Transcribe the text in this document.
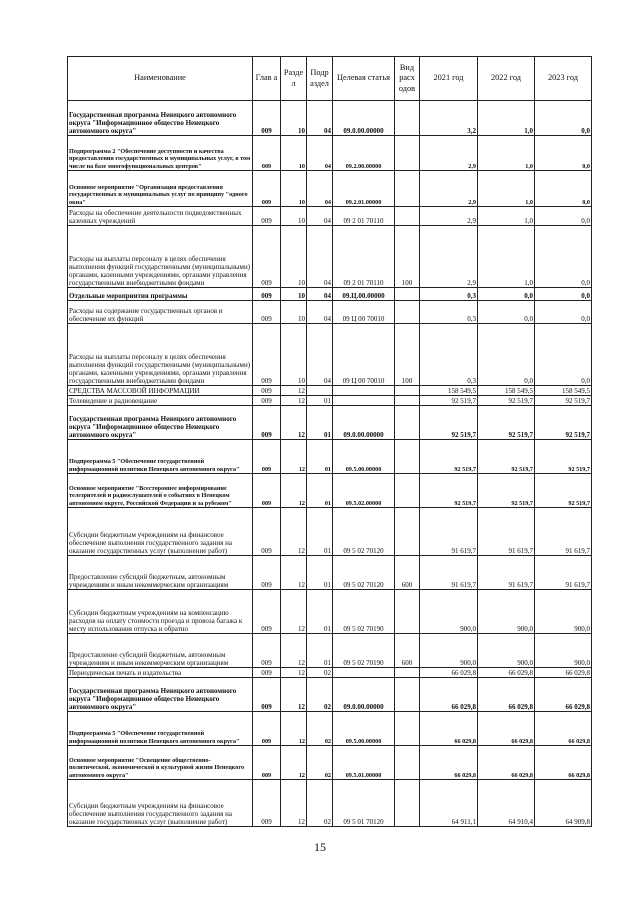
Наименование	Глав а	Разде л	Подр аздел	Целевая статья	Вид расх одов	2021 год	2022 год	2023 год
Государственная программа Ненецкого автономного округа "Информационное общество Ненецкого автономного округа"	009	10	04	09.0.00.00000		3,2	1,0	0,0
Подпрограмма 2 "Обеспечение доступности и качества предоставления государственных и муниципальных услуг, в том числе на базе многофункциональных центров"	009	10	04	09.2.00.00000		2,9	1,0	0,0
Основное мероприятие "Организация предоставления государственных и муниципальных услуг по принципу "одного окна"	009	10	04	09.2.01.00000		2,9	1,0	0,0
Расходы на обеспечение деятельности подведомственных казенных учреждений	009	10	04	09 2 01 70110		2,9	1,0	0,0
Расходы на выплаты персоналу в целях обеспечения выполнения функций государственными (муниципальными) органами, казенными учреждениями, органами управления государственными внебюджетными фондами	009	10	04	09 2 01 70110	100	2,9	1,0	0,0
Отдельные мероприятия программы	009	10	04	09.Ц.00.00000		0,3	0,0	0,0
Расходы на содержание государственных органов и обеспечение их функций	009	10	04	09 Ц 00 70010		0,3	0,0	0,0
Расходы на выплаты персоналу в целях обеспечения выполнения функций государственными (муниципальными) органами, казенными учреждениями, органами управления государственными внебюджетными фондами	009	10	04	09 Ц 00 70010	100	0,3	0,0	0,0
СРЕДСТВА МАССОВОЙ ИНФОРМАЦИИ	009	12				158 549,5	158 549,5	158 549,5
Телевидение и радиовещание	009	12	01			92 519,7	92 519,7	92 519,7
Государственная программа Ненецкого автономного округа "Информационное общество Ненецкого автономного округа"	009	12	01	09.0.00.00000		92 519,7	92 519,7	92 519,7
Подпрограмма 5 "Обеспечение государственной информационной политики Ненецкого автономного округа"	009	12	01	09.5.00.00000		92 519,7	92 519,7	92 519,7
Основное мероприятие "Всестороннее информирование телезрителей и радиослушателей о событиях в Ненецком автономном округе, Российской Федерации и за рубежом"	009	12	01	09.5.02.00000		92 519,7	92 519,7	92 519,7
Субсидии бюджетным учреждениям на финансовое обеспечение выполнения государственного задания на оказание государственных услуг (выполнение работ)	009	12	01	09 5 02 70120		91 619,7	91 619,7	91 619,7
Предоставление субсидий бюджетным, автономным учреждениям и иным некоммерческим организациям	009	12	01	09 5 02 70120	600	91 619,7	91 619,7	91 619,7
Субсидии бюджетным учреждениям на компенсацию расходов на оплату стоимости проезда и провоза багажа к месту использования отпуска и обратно	009	12	01	09 5 02 70190		900,0	900,0	900,0
Предоставление субсидий бюджетным, автономным учреждениям и иным некоммерческим организациям	009	12	01	09 5 02 70190	600	900,0	900,0	900,0
Периодическая печать и издательства	009	12	02			66 029,8	66 029,8	66 029,8
Государственная программа Ненецкого автономного округа "Информационное общество Ненецкого автономного округа"	009	12	02	09.0.00.00000		66 029,8	66 029,8	66 029,8
Подпрограмма 5 "Обеспечение государственной информационной политики Ненецкого автономного округа"	009	12	02	09.5.00.00000		66 029,8	66 029,8	66 029,8
Основное мероприятие "Освещение общественно-политической, экономической и культурной жизни Ненецкого автономного округа"	009	12	02	09.5.01.00000		66 029,8	66 029,8	66 029,8
Субсидии бюджетным учреждениям на финансовое обеспечение выполнения государственного задания на оказание государственных услуг (выполнение работ)	009	12	02	09 5 01 70120		64 911,1	64 910,4	64 909,8
15
